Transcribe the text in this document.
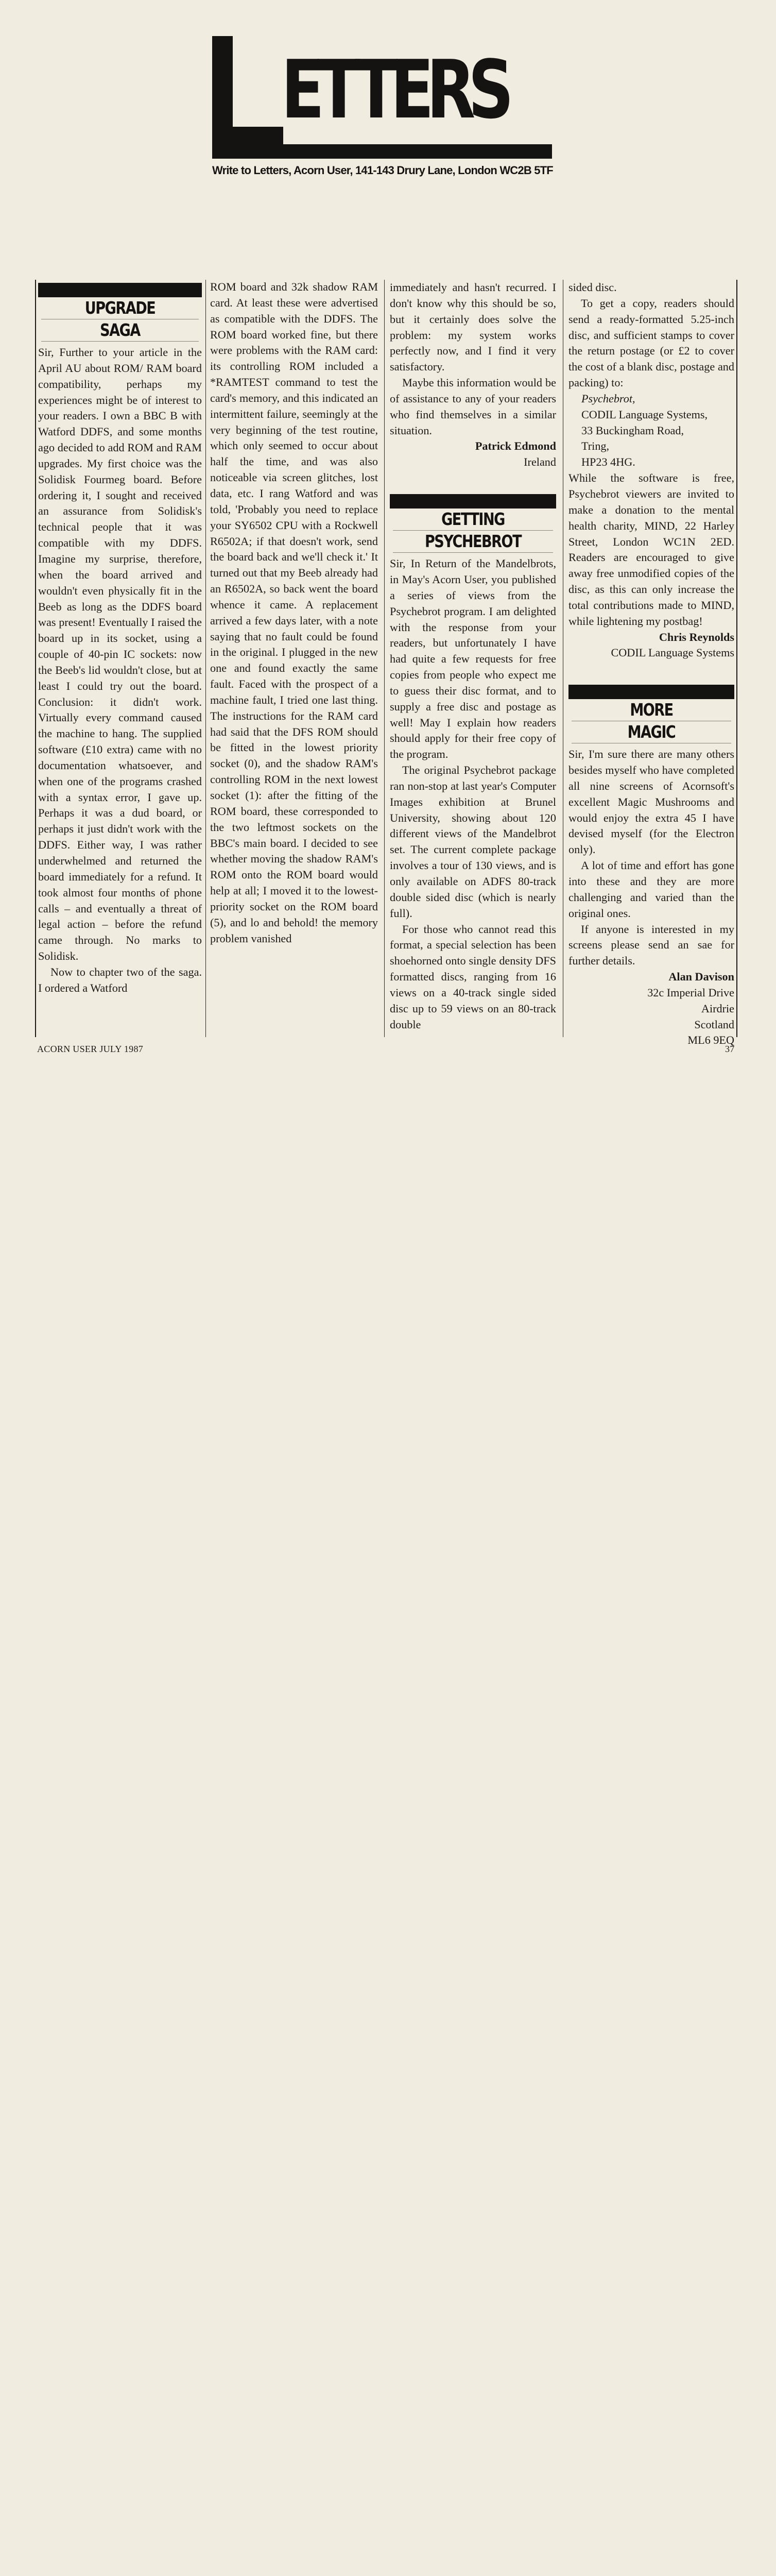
ETTERS
Write to Letters, Acorn User, 141-143 Drury Lane, London WC2B 5TF
UPGRADE
SAGA

Sir, Further to your article in the April AU about ROM/ RAM board compatibility, perhaps my experiences might be of interest to your readers. I own a BBC B with Watford DDFS, and some months ago decided to add ROM and RAM upgrades. My first choice was the Solidisk Fourmeg board. Before ordering it, I sought and received an assurance from Solidisk's technical people that it was compatible with my DDFS. Imagine my surprise, therefore, when the board arrived and wouldn't even physically fit in the Beeb as long as the DDFS board was present! Eventually I raised the board up in its socket, using a couple of 40-pin IC sockets: now the Beeb's lid wouldn't close, but at least I could try out the board. Conclusion: it didn't work. Virtually every command caused the machine to hang. The supplied software (£10 extra) came with no documentation whatsoever, and when one of the programs crashed with a syntax error, I gave up. Perhaps it was a dud board, or perhaps it just didn't work with the DDFS. Either way, I was rather underwhelmed and returned the board immediately for a refund. It took almost four months of phone calls – and eventually a threat of legal action – before the refund came through. No marks to Solidisk.

Now to chapter two of the saga. I ordered a Watford

ROM board and 32k shadow RAM card. At least these were advertised as compatible with the DDFS. The ROM board worked fine, but there were problems with the RAM card: its controlling ROM included a *RAMTEST command to test the card's memory, and this indicated an intermittent failure, seemingly at the very beginning of the test routine, which only seemed to occur about half the time, and was also noticeable via screen glitches, lost data, etc. I rang Watford and was told, 'Probably you need to replace your SY6502 CPU with a Rockwell R6502A; if that doesn't work, send the board back and we'll check it.' It turned out that my Beeb already had an R6502A, so back went the board whence it came. A replacement arrived a few days later, with a note saying that no fault could be found in the original. I plugged in the new one and found exactly the same fault. Faced with the prospect of a machine fault, I tried one last thing. The instructions for the RAM card had said that the DFS ROM should be fitted in the lowest priority socket (0), and the shadow RAM's controlling ROM in the next lowest socket (1): after the fitting of the ROM board, these corresponded to the two leftmost sockets on the BBC's main board. I decided to see whether moving the shadow RAM's ROM onto the ROM board would help at all; I moved it to the lowest-priority socket on the ROM board (5), and lo and behold! the memory problem vanished

immediately and hasn't recurred. I don't know why this should be so, but it certainly does solve the problem: my system works perfectly now, and I find it very satisfactory.

Maybe this information would be of assistance to any of your readers who find themselves in a similar situation.

Patrick Edmond

Ireland

GETTING
PSYCHEBROT

Sir, In Return of the Mandelbrots, in May's Acorn User, you published a series of views from the Psychebrot program. I am delighted with the response from your readers, but unfortunately I have had quite a few requests for free copies from people who expect me to guess their disc format, and to supply a free disc and postage as well! May I explain how readers should apply for their free copy of the program.

The original Psychebrot package ran non-stop at last year's Computer Images exhibition at Brunel University, showing about 120 different views of the Mandelbrot set. The current complete package involves a tour of 130 views, and is only available on ADFS 80-track double sided disc (which is nearly full).

For those who cannot read this format, a special selection has been shoehorned onto single density DFS formatted discs, ranging from 16 views on a 40-track single sided disc up to 59 views on an 80-track double

sided disc.

To get a copy, readers should send a ready-formatted 5.25-inch disc, and sufficient stamps to cover the return postage (or £2 to cover the cost of a blank disc, postage and packing) to:

Psychebrot,

CODIL Language Systems,

33 Buckingham Road,

Tring,

HP23 4HG.

While the software is free, Psychebrot viewers are invited to make a donation to the mental health charity, MIND, 22 Harley Street, London WC1N 2ED. Readers are encouraged to give away free unmodified copies of the disc, as this can only increase the total contributions made to MIND, while lightening my postbag!

Chris Reynolds

CODIL Language Systems

MORE
MAGIC

Sir, I'm sure there are many others besides myself who have completed all nine screens of Acornsoft's excellent Magic Mushrooms and would enjoy the extra 45 I have devised myself (for the Electron only).

A lot of time and effort has gone into these and they are more challenging and varied than the original ones.

If anyone is interested in my screens please send an sae for further details.

Alan Davison

32c Imperial Drive

Airdrie

Scotland

ML6 9EQ

ACORN USER JULY 1987	37
